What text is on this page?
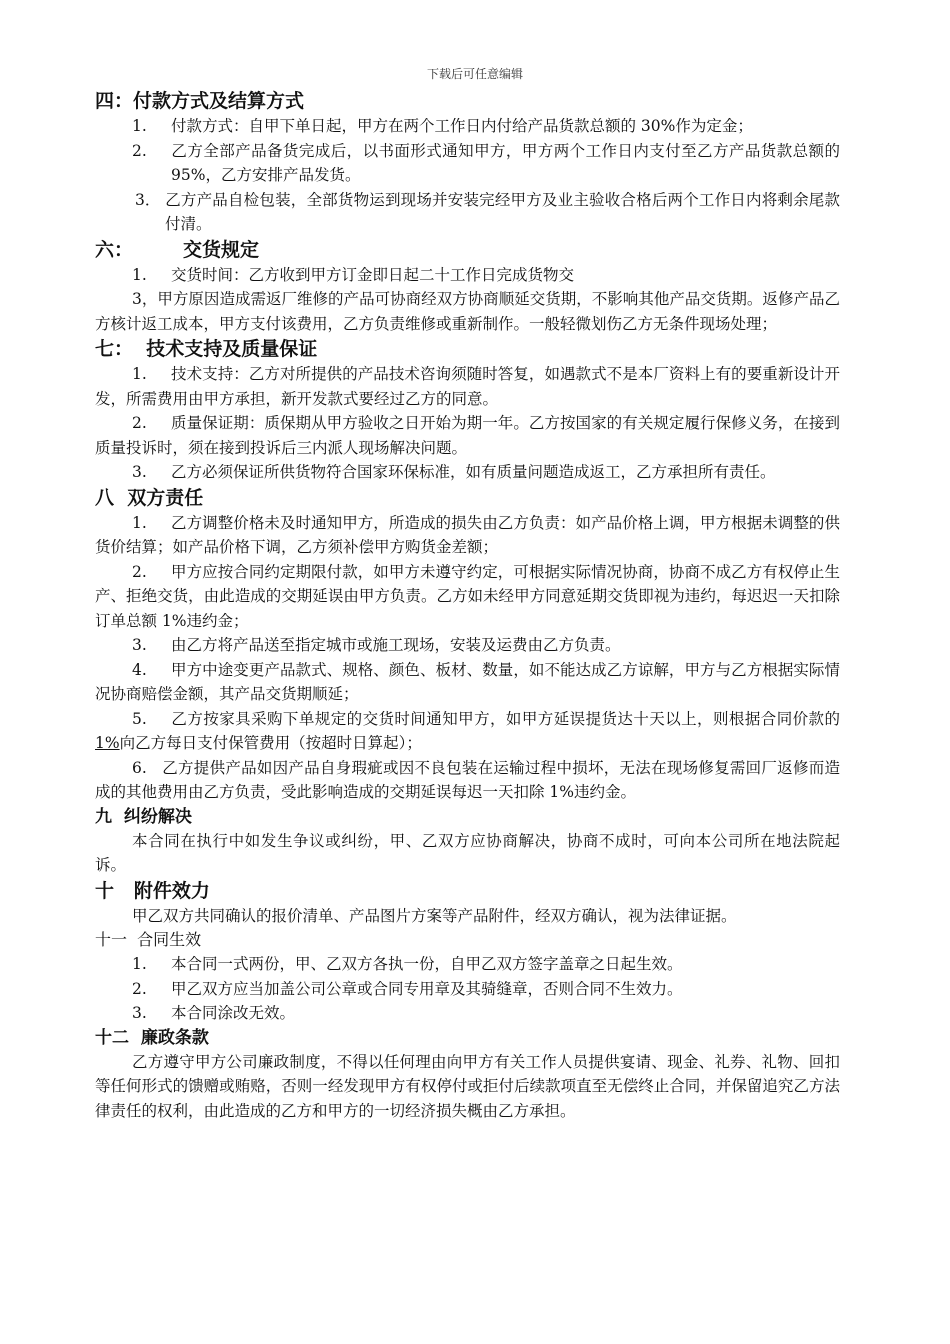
下载后可任意编辑
四：付款方式及结算方式

1. 付款方式：自甲下单日起，甲方在两个工作日内付给产品货款总额的 30%作为定金；

2. 乙方全部产品备货完成后，以书面形式通知甲方，甲方两个工作日内支付至乙方产品货款总额的 95%，乙方安排产品发货。

3． 乙方产品自检包装，全部货物运到现场并安装完经甲方及业主验收合格后两个工作日内将剩余尾款付清。

六：	交货规定

1. 交货时间：乙方收到甲方订金即日起二十工作日完成货物交

3，甲方原因造成需返厂维修的产品可协商经双方协商顺延交货期，不影响其他产品交货期。返修产品乙方核计返工成本，甲方支付该费用，乙方负责维修或重新制作。一般轻微划伤乙方无条件现场处理；

七：  技术支持及质量保证

1. 技术支持：乙方对所提供的产品技术咨询须随时答复，如遇款式不是本厂资料上有的要重新设计开发，所需费用由甲方承担，新开发款式要经过乙方的同意。

2. 质量保证期：质保期从甲方验收之日开始为期一年。乙方按国家的有关规定履行保修义务，在接到质量投诉时，须在接到投诉后三内派人现场解决问题。

3. 乙方必须保证所供货物符合国家环保标准，如有质量问题造成返工，乙方承担所有责任。

八  双方责任

1. 乙方调整价格未及时通知甲方，所造成的损失由乙方负责：如产品价格上调，甲方根据未调整的供货价结算；如产品价格下调，乙方须补偿甲方购货金差额；

2. 甲方应按合同约定期限付款，如甲方未遵守约定，可根据实际情况协商，协商不成乙方有权停止生产、拒绝交货，由此造成的交期延误由甲方负责。乙方如未经甲方同意延期交货即视为违约，每迟迟一天扣除订单总额 1%违约金；

3. 由乙方将产品送至指定城市或施工现场，安装及运费由乙方负责。

4. 甲方中途变更产品款式、规格、颜色、板材、数量，如不能达成乙方谅解，甲方与乙方根据实际情况协商赔偿金额，其产品交货期顺延；

5. 乙方按家具采购下单规定的交货时间通知甲方，如甲方延误提货达十天以上，则根据合同价款的 1%向乙方每日支付保管费用（按超时日算起）；

6. 乙方提供产品如因产品自身瑕疵或因不良包装在运输过程中损坏，无法在现场修复需回厂返修而造成的其他费用由乙方负责，受此影响造成的交期延误每迟一天扣除 1%违约金。

九  纠纷解决

本合同在执行中如发生争议或纠纷，甲、乙双方应协商解决，协商不成时，可向本公司所在地法院起诉。

十   附件效力

甲乙双方共同确认的报价清单、产品图片方案等产品附件，经双方确认，视为法律证据。

十一  合同生效

1. 本合同一式两份，甲、乙双方各执一份，自甲乙双方签字盖章之日起生效。

2. 甲乙双方应当加盖公司公章或合同专用章及其骑缝章，否则合同不生效力。

3. 本合同涂改无效。

十二  廉政条款

乙方遵守甲方公司廉政制度，不得以任何理由向甲方有关工作人员提供宴请、现金、礼券、礼物、回扣等任何形式的馈赠或贿赂，否则一经发现甲方有权停付或拒付后续款项直至无偿终止合同，并保留追究乙方法律责任的权利，由此造成的乙方和甲方的一切经济损失概由乙方承担。
